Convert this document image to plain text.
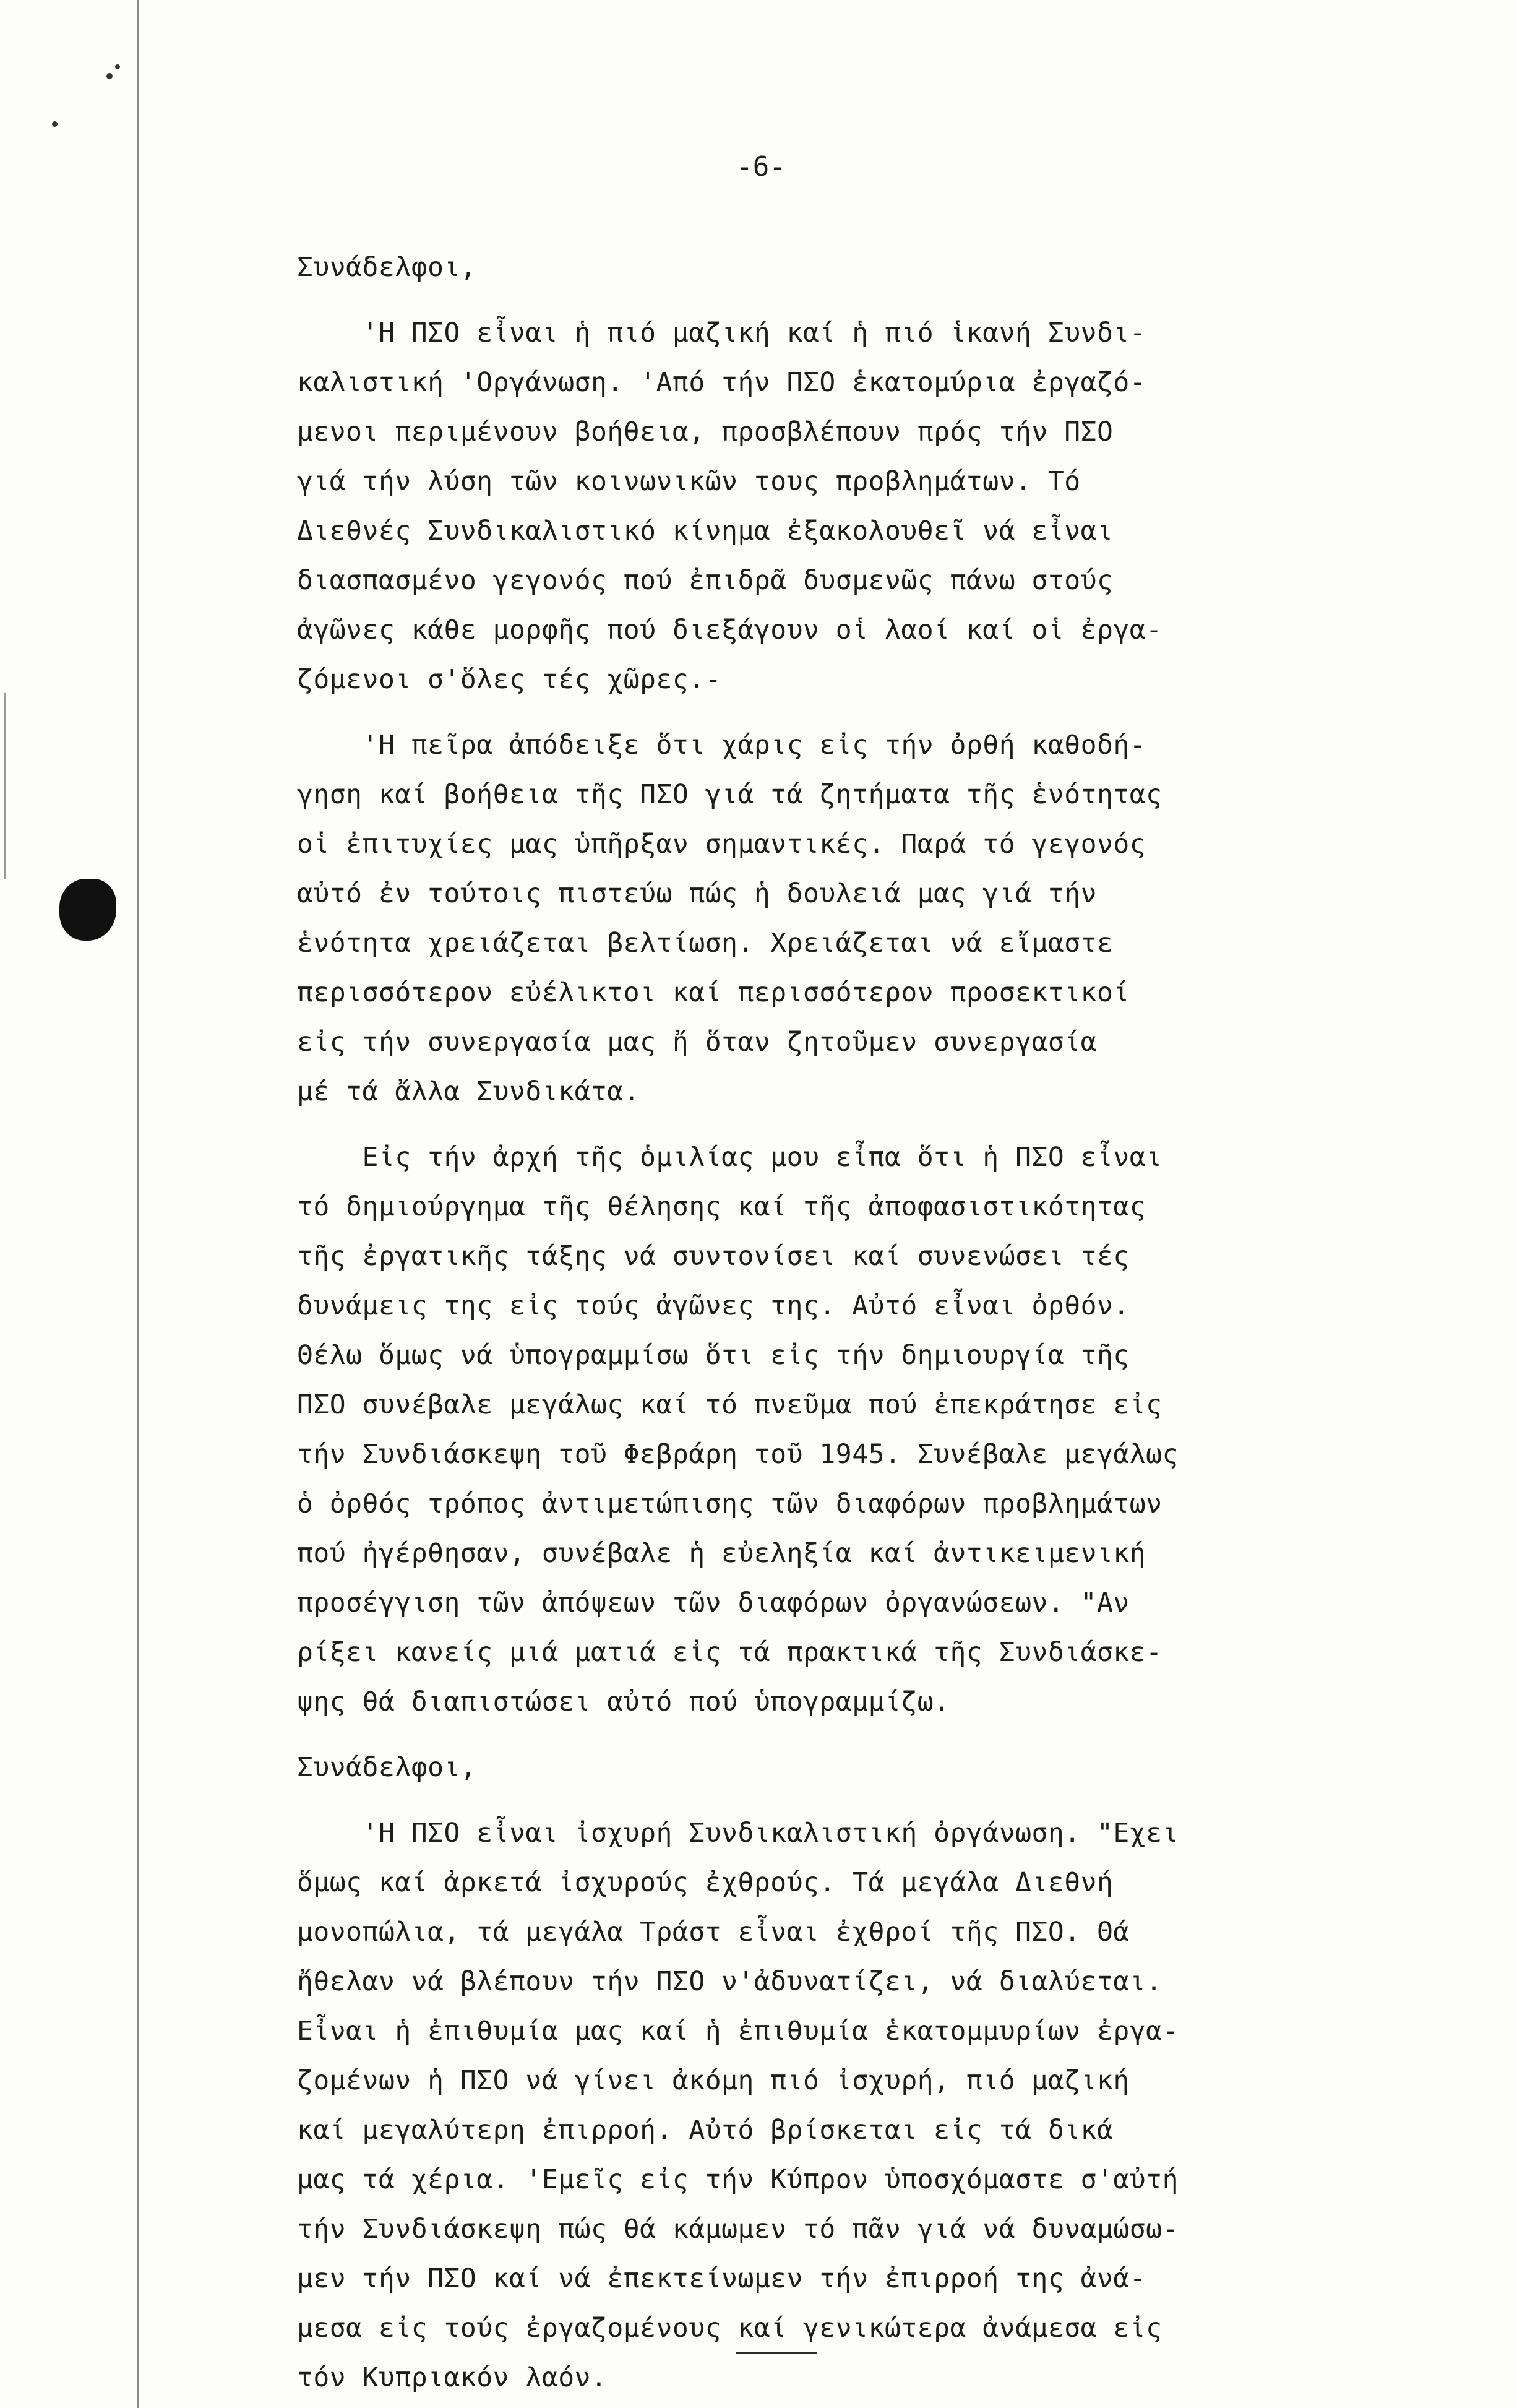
-6-
Συνάδελφοι,
'Η ΠΣΟ εἶναι ἡ πιό μαζική καί ἡ πιό ἱκανή Συνδι-
καλιστική 'Οργάνωση. 'Από τήν ΠΣΟ ἑκατομύρια ἐργαζό-
μενοι περιμένουν βοήθεια, προσβλέπουν πρός τήν ΠΣΟ
γιά τήν λύση τῶν κοινωνικῶν τους προβλημάτων. Τό
Διεθνές Συνδικαλιστικό κίνημα ἐξακολουθεῖ νά εἶναι
διασπασμένο γεγονός πού ἐπιδρᾶ δυσμενῶς πάνω στούς
ἀγῶνες κάθε μορφῆς πού διεξάγουν οἱ λαοί καί οἱ ἐργα-
ζόμενοι σ'ὅλες τές χῶρες.-
'Η πεῖρα ἀπόδειξε ὅτι χάρις εἰς τήν ὀρθή καθοδή-
γηση καί βοήθεια τῆς ΠΣΟ γιά τά ζητήματα τῆς ἑνότητας
οἱ ἐπιτυχίες μας ὑπῆρξαν σημαντικές. Παρά τό γεγονός
αὐτό ἐν τούτοις πιστεύω πώς ἡ δουλειά μας γιά τήν
ἑνότητα χρειάζεται βελτίωση. Χρειάζεται νά εἴμαστε
περισσότερον εὐέλικτοι καί περισσότερον προσεκτικοί
εἰς τήν συνεργασία μας ἤ ὅταν ζητοῦμεν συνεργασία
μέ τά ἄλλα Συνδικάτα.
Εἰς τήν ἀρχή τῆς ὁμιλίας μου εἶπα ὅτι ἡ ΠΣΟ εἶναι
τό δημιούργημα τῆς θέλησης καί τῆς ἀποφασιστικότητας
τῆς ἐργατικῆς τάξης νά συντονίσει καί συνενώσει τές
δυνάμεις της εἰς τούς ἀγῶνες της. Αὐτό εἶναι ὀρθόν.
Θέλω ὅμως νά ὑπογραμμίσω ὅτι εἰς τήν δημιουργία τῆς
ΠΣΟ συνέβαλε μεγάλως καί τό πνεῦμα πού ἐπεκράτησε εἰς
τήν Συνδιάσκεψη τοῦ Φεβράρη τοῦ 1945. Συνέβαλε μεγάλως
ὁ ὀρθός τρόπος ἀντιμετώπισης τῶν διαφόρων προβλημάτων
πού ἠγέρθησαν, συνέβαλε ἡ εὐεληξία καί ἀντικειμενική
προσέγγιση τῶν ἀπόψεων τῶν διαφόρων ὀργανώσεων. "Αν
ρίξει κανείς μιά ματιά εἰς τά πρακτικά τῆς Συνδιάσκε-
ψης θά διαπιστώσει αὐτό πού ὑπογραμμίζω.
Συνάδελφοι,
'Η ΠΣΟ εἶναι ἰσχυρή Συνδικαλιστική ὀργάνωση. "Εχει
ὅμως καί ἀρκετά ἰσχυρούς ἐχθρούς. Τά μεγάλα Διεθνή
μονοπώλια, τά μεγάλα Τράστ εἶναι ἐχθροί τῆς ΠΣΟ. Θά
ἤθελαν νά βλέπουν τήν ΠΣΟ ν'ἀδυνατίζει, νά διαλύεται.
Εἶναι ἡ ἐπιθυμία μας καί ἡ ἐπιθυμία ἑκατομμυρίων ἐργα-
ζομένων ἡ ΠΣΟ νά γίνει ἀκόμη πιό ἰσχυρή, πιό μαζική
καί μεγαλύτερη ἐπιρροή. Αὐτό βρίσκεται εἰς τά δικά
μας τά χέρια. 'Εμεῖς εἰς τήν Κύπρον ὑποσχόμαστε σ'αὐτή
τήν Συνδιάσκεψη πώς θά κάμωμεν τό πᾶν γιά νά δυναμώσω-
μεν τήν ΠΣΟ καί νά ἐπεκτείνωμεν τήν ἐπιρροή της ἀνά-
μεσα εἰς τούς ἐργαζομένους καί γενικώτερα ἀνάμεσα εἰς
τόν Κυπριακόν λαόν.
